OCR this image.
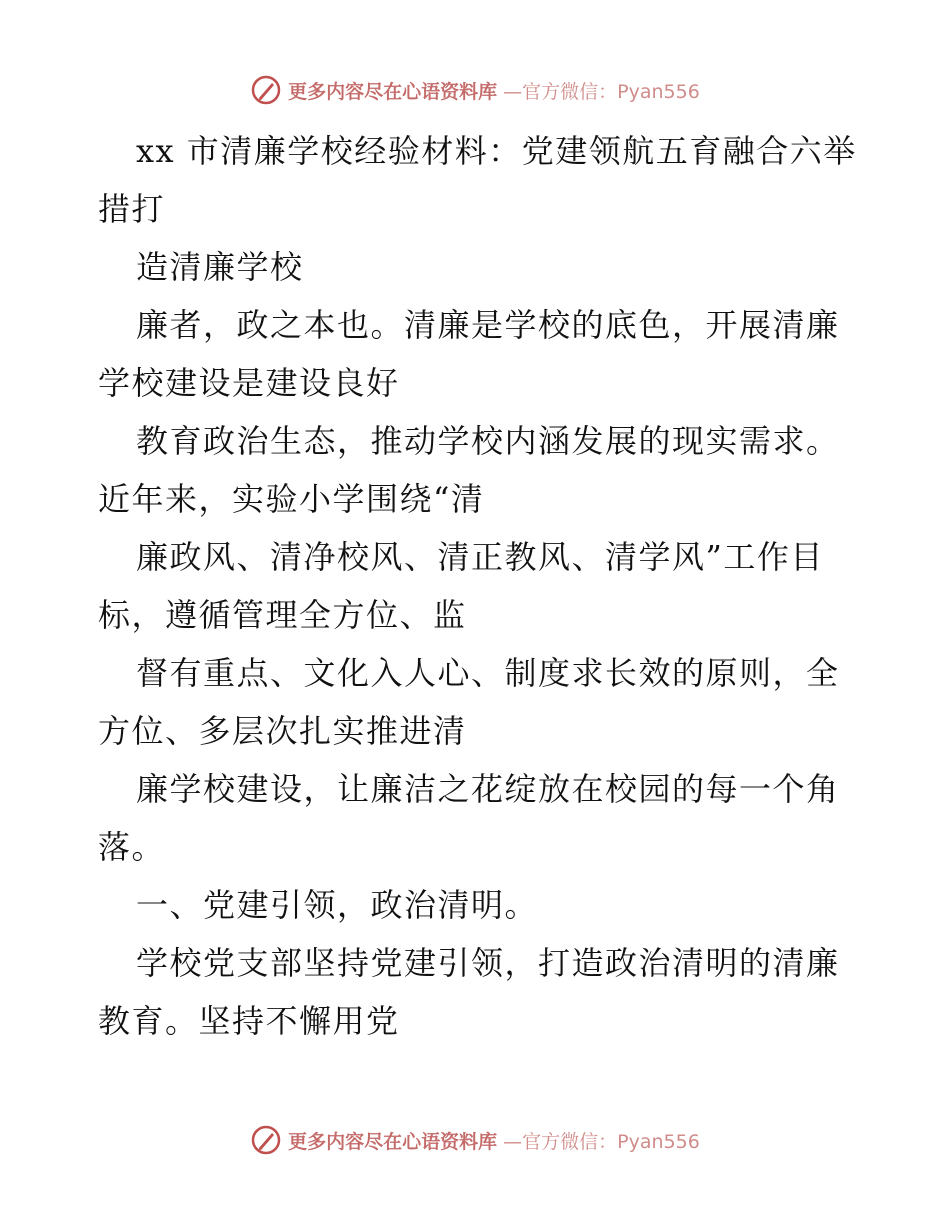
更多内容尽在心语资料库 —官方微信：Pyan556

xx 市清廉学校经验材料：党建领航五育融合六举措打

造清廉学校

廉者，政之本也。清廉是学校的底色，开展清廉学校建设是建设良好

教育政治生态，推动学校内涵发展的现实需求。近年来，实验小学围绕“清

廉政风、清净校风、清正教风、清学风”工作目标，遵循管理全方位、监

督有重点、文化入人心、制度求长效的原则，全方位、多层次扎实推进清

廉学校建设，让廉洁之花绽放在校园的每一个角落。

一、党建引领，政治清明。

学校党支部坚持党建引领，打造政治清明的清廉教育。坚持不懈用党

更多内容尽在心语资料库 —官方微信：Pyan556
